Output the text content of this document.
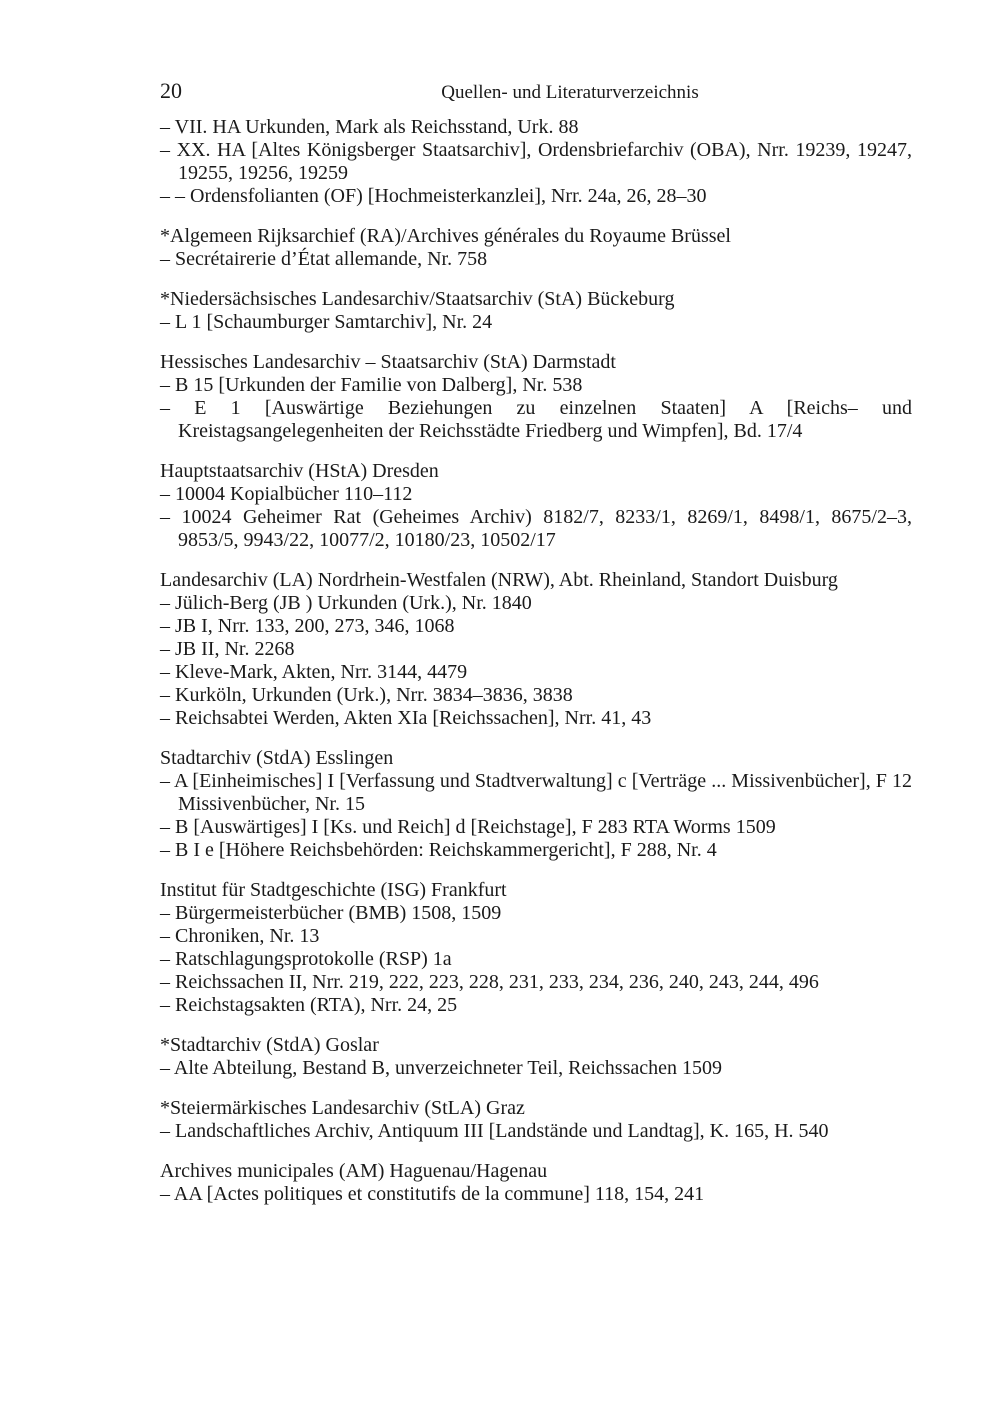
20	Quellen- und Literaturverzeichnis
– VII. HA Urkunden, Mark als Reichsstand, Urk. 88
– XX. HA [Altes Königsberger Staatsarchiv], Ordensbriefarchiv (OBA), Nrr. 19239, 19247, 19255, 19256, 19259
– – Ordensfolianten (OF) [Hochmeisterkanzlei], Nrr. 24a, 26, 28–30
*Algemeen Rijksarchief (RA)/Archives générales du Royaume Brüssel
– Secrétairerie d’État allemande, Nr. 758
*Niedersächsisches Landesarchiv/Staatsarchiv (StA) Bückeburg
– L 1 [Schaumburger Samtarchiv], Nr. 24
Hessisches Landesarchiv – Staatsarchiv (StA) Darmstadt
– B 15 [Urkunden der Familie von Dalberg], Nr. 538
– E 1 [Auswärtige Beziehungen zu einzelnen Staaten] A [Reichs– und Kreistagsangelegenheiten der Reichsstädte Friedberg und Wimpfen], Bd. 17/4
Hauptstaatsarchiv (HStA) Dresden
– 10004 Kopialbücher 110–112
– 10024 Geheimer Rat (Geheimes Archiv) 8182/7, 8233/1, 8269/1, 8498/1, 8675/2–3, 9853/5, 9943/22, 10077/2, 10180/23, 10502/17
Landesarchiv (LA) Nordrhein-Westfalen (NRW), Abt. Rheinland, Standort Duisburg
– Jülich-Berg (JB ) Urkunden (Urk.), Nr. 1840
– JB I, Nrr. 133, 200, 273, 346, 1068
– JB II, Nr. 2268
– Kleve-Mark, Akten, Nrr. 3144, 4479
– Kurköln, Urkunden (Urk.), Nrr. 3834–3836, 3838
– Reichsabtei Werden, Akten XIa [Reichssachen], Nrr. 41, 43
Stadtarchiv (StdA) Esslingen
– A [Einheimisches] I [Verfassung und Stadtverwaltung] c [Verträge ... Missivenbücher], F 12 Missivenbücher, Nr. 15
– B [Auswärtiges] I [Ks. und Reich] d [Reichstage], F 283 RTA Worms 1509
– B I e [Höhere Reichsbehörden: Reichskammergericht], F 288, Nr. 4
Institut für Stadtgeschichte (ISG) Frankfurt
– Bürgermeisterbücher (BMB) 1508, 1509
– Chroniken, Nr. 13
– Ratschlagungsprotokolle (RSP) 1a
– Reichssachen II, Nrr. 219, 222, 223, 228, 231, 233, 234, 236, 240, 243, 244, 496
– Reichstagsakten (RTA), Nrr. 24, 25
*Stadtarchiv (StdA) Goslar
– Alte Abteilung, Bestand B, unverzeichneter Teil, Reichssachen 1509
*Steiermärkisches Landesarchiv (StLA) Graz
– Landschaftliches Archiv, Antiquum III [Landstände und Landtag], K. 165, H. 540
Archives municipales (AM) Haguenau/Hagenau
– AA [Actes politiques et constitutifs de la commune] 118, 154, 241
